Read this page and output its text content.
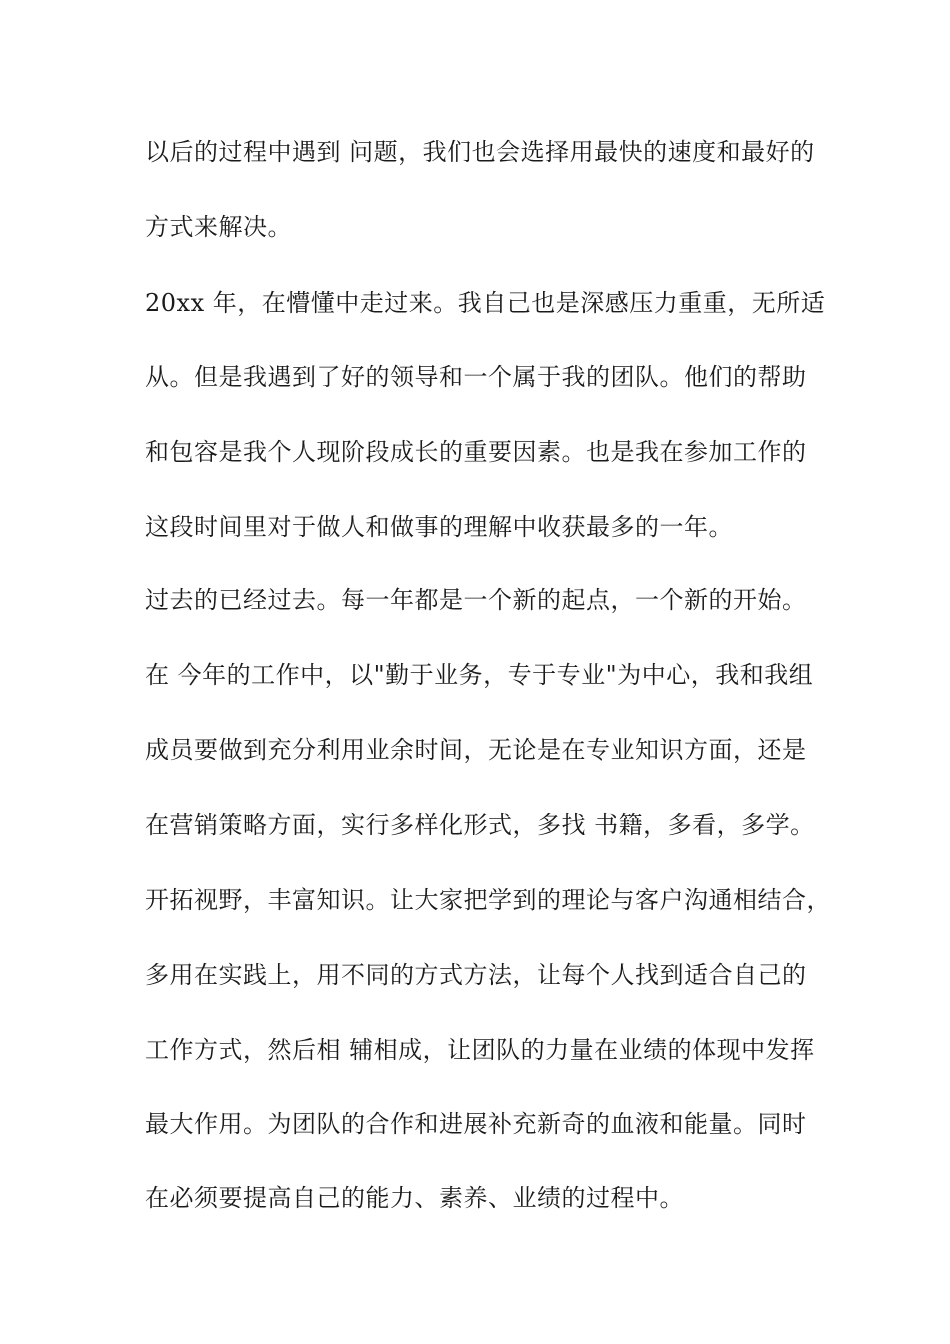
以后的过程中遇到 问题，我们也会选择用最快的速度和最好的
方式来解决。
20xx 年，在懵懂中走过来。我自己也是深感压力重重，无所适
从。但是我遇到了好的领导和一个属于我的团队。他们的帮助
和包容是我个人现阶段成长的重要因素。也是我在参加工作的
这段时间里对于做人和做事的理解中收获最多的一年。
过去的已经过去。每一年都是一个新的起点，一个新的开始。
在 今年的工作中，以"勤于业务，专于专业"为中心，我和我组
成员要做到充分利用业余时间，无论是在专业知识方面，还是
在营销策略方面，实行多样化形式，多找 书籍，多看，多学。
开拓视野，丰富知识。让大家把学到的理论与客户沟通相结合，
多用在实践上，用不同的方式方法，让每个人找到适合自己的
工作方式，然后相 辅相成，让团队的力量在业绩的体现中发挥
最大作用。为团队的合作和进展补充新奇的血液和能量。同时
在必须要提高自己的能力、素养、业绩的过程中。
